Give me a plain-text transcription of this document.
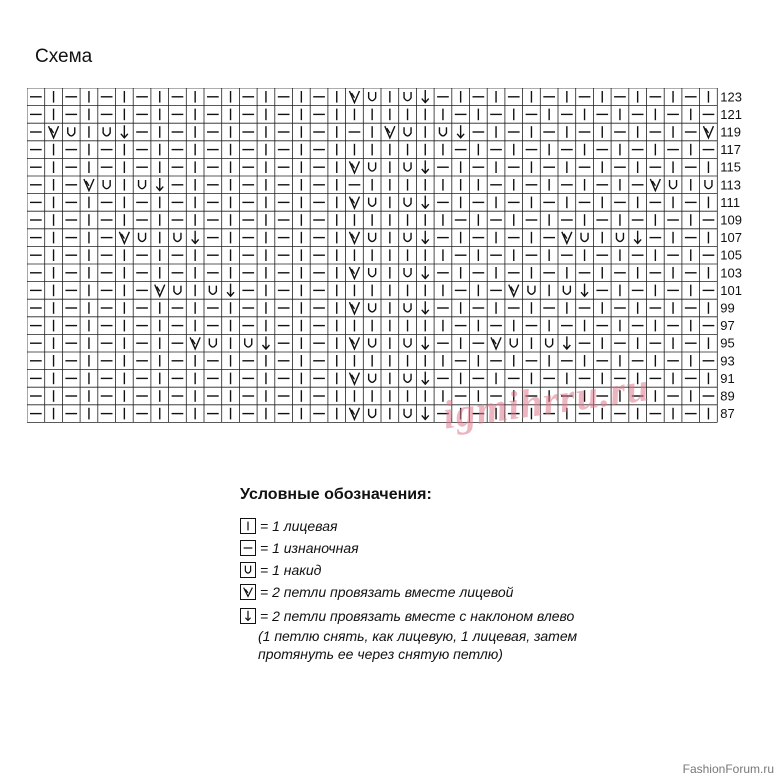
Схема
123
121
119
117
115
113
111
109
107
105
103
101
99
97
95
93
91
89
87
igmihrru.ru
Условные обозначения:
= 1 лицевая
= 1 изнаночная
= 1 накид
= 2 петли провязать вместе лицевой
= 2 петли провязать вместе с наклоном влево
(1 петлю снять, как лицевую, 1 лицевая, затем
протянуть ее через снятую петлю)
FashionForum.ru
